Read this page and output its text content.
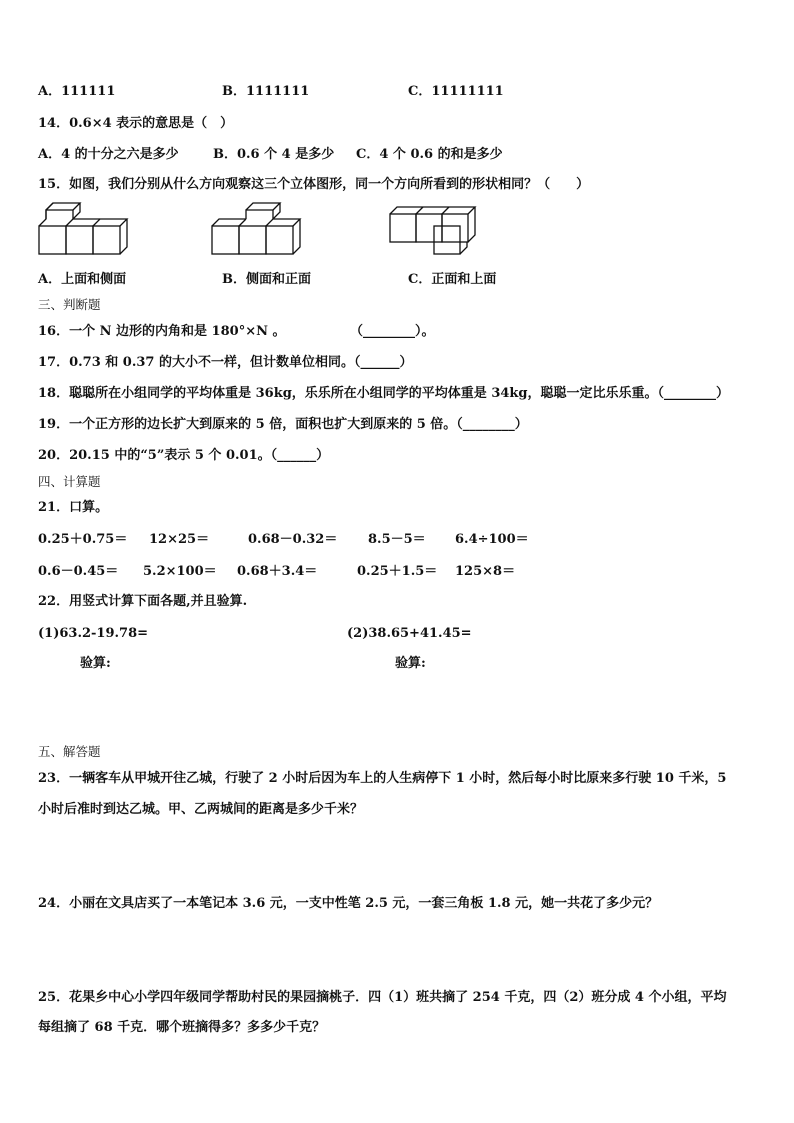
A．111111	B．1111111	C．11111111
14．0.6×4 表示的意思是（　）
A．4 的十分之六是多少	B．0.6 个 4 是多少 C．4 个 0.6 的和是多少
15．如图，我们分别从什么方向观察这三个立体图形，同一个方向所看到的形状相同？（　　）
A．上面和侧面	B．侧面和正面	C．正面和上面
三、判断题
16．一个 N 边形的内角和是 180°×N 。	（________）。
17．0.73 和 0.37 的大小不一样，但计数单位相同。（______）
18．聪聪所在小组同学的平均体重是 36kg，乐乐所在小组同学的平均体重是 34kg，聪聪一定比乐乐重。（________）
19．一个正方形的边长扩大到原来的 5 倍，面积也扩大到原来的 5 倍。（________）
20．20.15 中的“5”表示 5 个 0.01。（______）
四、计算题
21．口算。
0.25＋0.75＝ 12×25＝	0.68－0.32＝ 8.5－5＝ 6.4÷100＝
0.6－0.45＝ 5.2×100＝ 0.68＋3.4＝	0.25＋1.5＝ 125×8＝
22．用竖式计算下面各题,并且验算.
(1)63.2-19.78=	(2)38.65+41.45=
验算:	验算:
五、解答题
23．一辆客车从甲城开往乙城，行驶了 2 小时后因为车上的人生病停下 1 小时，然后每小时比原来多行驶 10 千米，5
小时后准时到达乙城。甲、乙两城间的距离是多少千米？
24．小丽在文具店买了一本笔记本 3.6 元，一支中性笔 2.5 元，一套三角板 1.8 元，她一共花了多少元？
25．花果乡中心小学四年级同学帮助村民的果园摘桃子．四（1）班共摘了 254 千克，四（2）班分成 4 个小组，平均
每组摘了 68 千克．哪个班摘得多？多多少千克？
